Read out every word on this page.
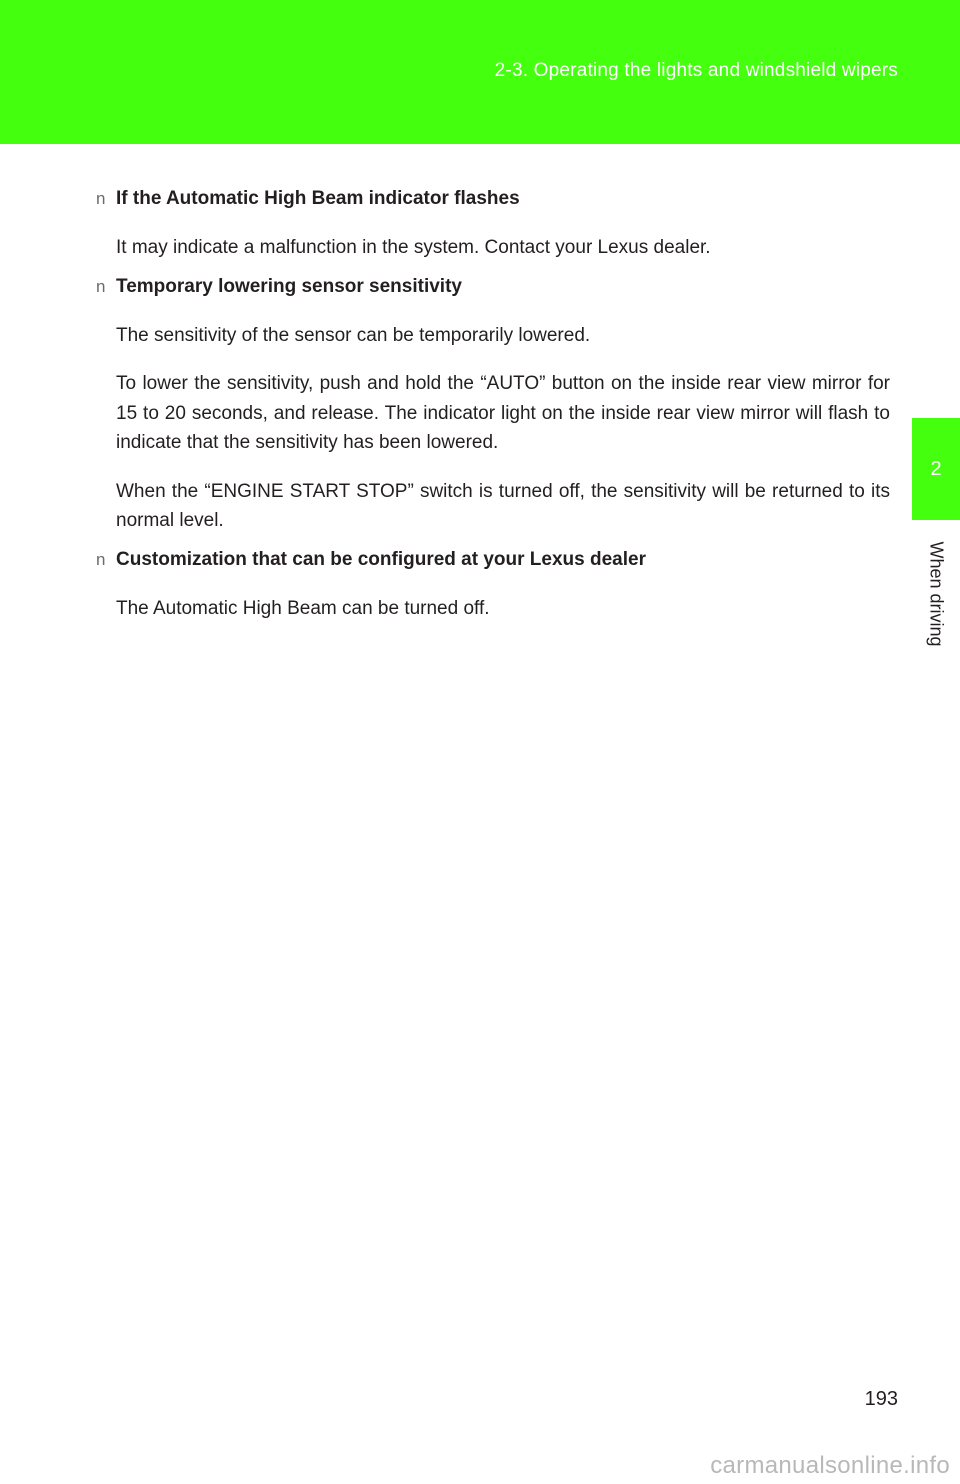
2-3. Operating the lights and windshield wipers
2
When driving
n If the Automatic High Beam indicator flashes

It may indicate a malfunction in the system. Contact your Lexus dealer.

n Temporary lowering sensor sensitivity

The sensitivity of the sensor can be temporarily lowered.

To lower the sensitivity, push and hold the “AUTO” button on the inside rear view mirror for 15 to 20 seconds, and release. The indicator light on the inside rear view mirror will flash to indicate that the sensitivity has been lowered.

When the “ENGINE START STOP” switch is turned off, the sensitivity will be returned to its normal level.

n Customization that can be configured at your Lexus dealer

The Automatic High Beam can be turned off.

193
carmanualsonline.info
